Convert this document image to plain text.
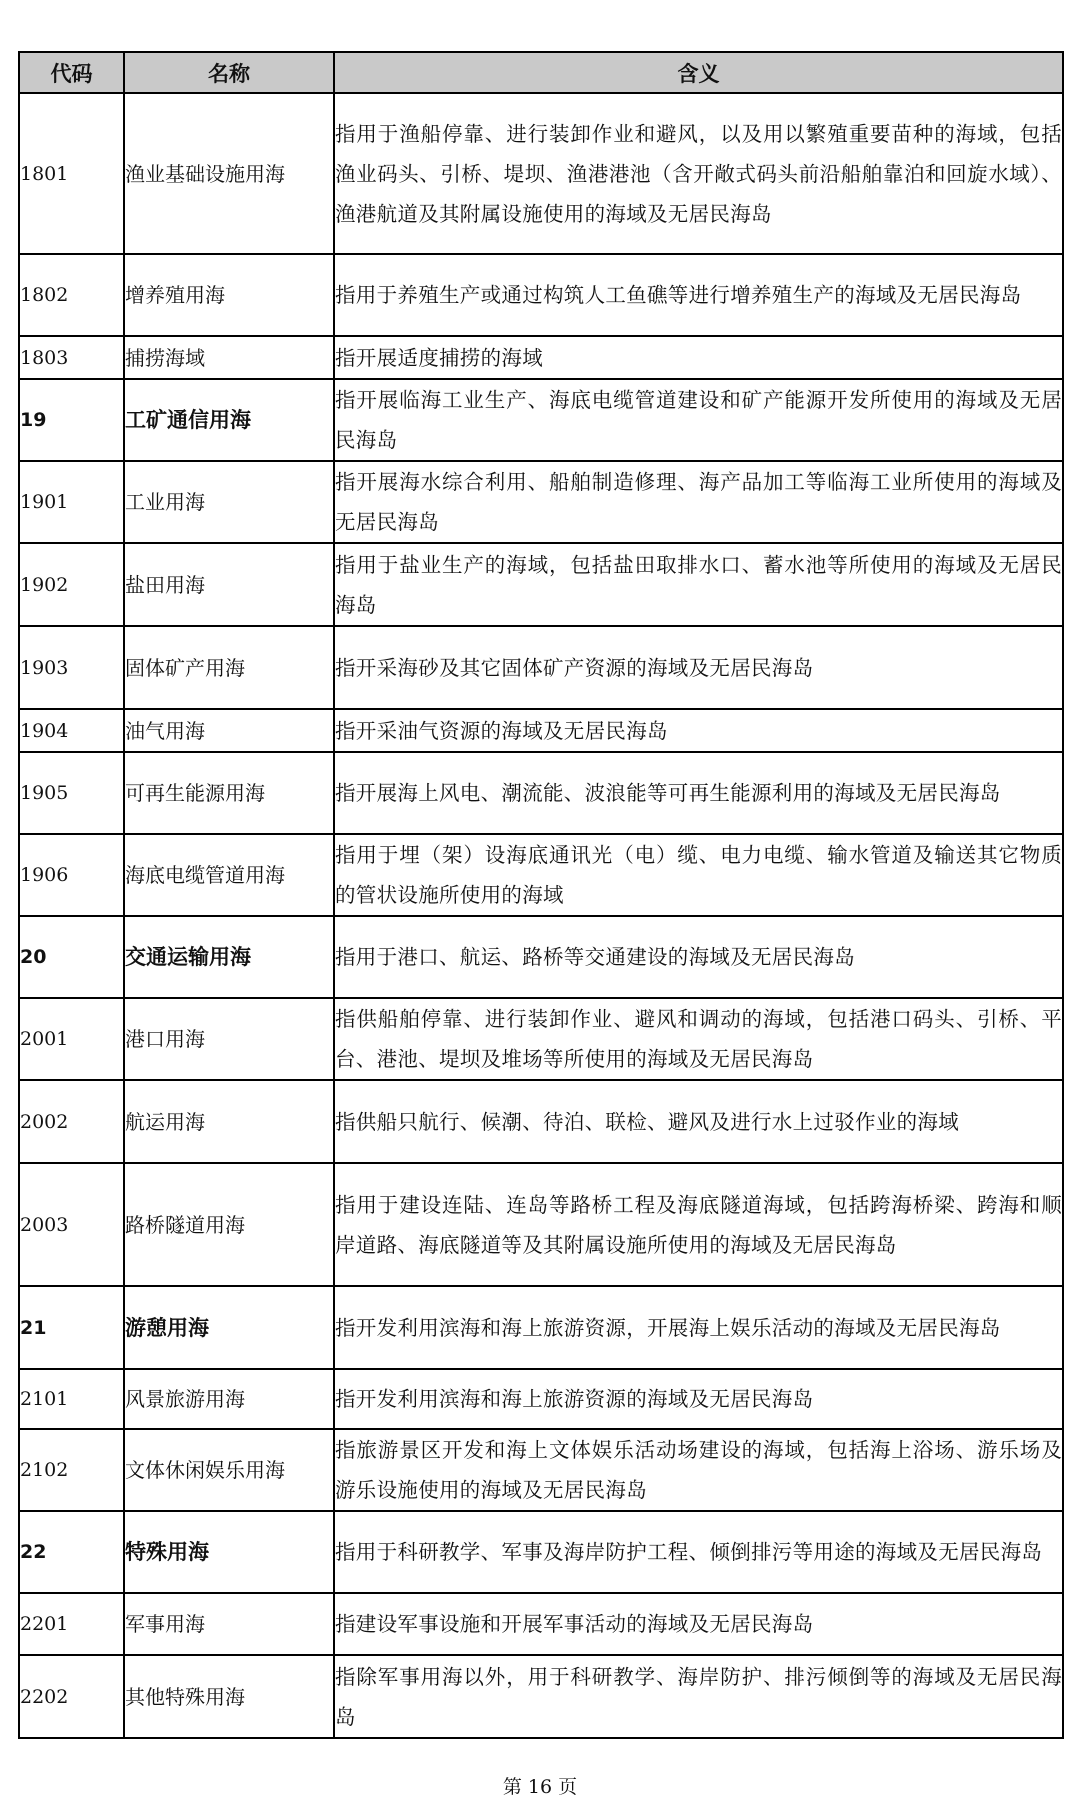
代码	名称	含义
1801	渔业基础设施用海	指用于渔船停靠、进行装卸作业和避风，以及用以繁殖重要苗种的海域，包括渔业码头、引桥、堤坝、渔港港池（含开敞式码头前沿船舶靠泊和回旋水域）、渔港航道及其附属设施使用的海域及无居民海岛
1802	增养殖用海	指用于养殖生产或通过构筑人工鱼礁等进行增养殖生产的海域及无居民海岛
1803	捕捞海域	指开展适度捕捞的海域
19	工矿通信用海	指开展临海工业生产、海底电缆管道建设和矿产能源开发所使用的海域及无居民海岛
1901	工业用海	指开展海水综合利用、船舶制造修理、海产品加工等临海工业所使用的海域及无居民海岛
1902	盐田用海	指用于盐业生产的海域，包括盐田取排水口、蓄水池等所使用的海域及无居民海岛
1903	固体矿产用海	指开采海砂及其它固体矿产资源的海域及无居民海岛
1904	油气用海	指开采油气资源的海域及无居民海岛
1905	可再生能源用海	指开展海上风电、潮流能、波浪能等可再生能源利用的海域及无居民海岛
1906	海底电缆管道用海	指用于埋（架）设海底通讯光（电）缆、电力电缆、输水管道及输送其它物质的管状设施所使用的海域
20	交通运输用海	指用于港口、航运、路桥等交通建设的海域及无居民海岛
2001	港口用海	指供船舶停靠、进行装卸作业、避风和调动的海域，包括港口码头、引桥、平台、港池、堤坝及堆场等所使用的海域及无居民海岛
2002	航运用海	指供船只航行、候潮、待泊、联检、避风及进行水上过驳作业的海域
2003	路桥隧道用海	指用于建设连陆、连岛等路桥工程及海底隧道海域，包括跨海桥梁、跨海和顺岸道路、海底隧道等及其附属设施所使用的海域及无居民海岛
21	游憩用海	指开发利用滨海和海上旅游资源，开展海上娱乐活动的海域及无居民海岛
2101	风景旅游用海	指开发利用滨海和海上旅游资源的海域及无居民海岛
2102	文体休闲娱乐用海	指旅游景区开发和海上文体娱乐活动场建设的海域，包括海上浴场、游乐场及游乐设施使用的海域及无居民海岛
22	特殊用海	指用于科研教学、军事及海岸防护工程、倾倒排污等用途的海域及无居民海岛
2201	军事用海	指建设军事设施和开展军事活动的海域及无居民海岛
2202	其他特殊用海	指除军事用海以外，用于科研教学、海岸防护、排污倾倒等的海域及无居民海岛
第 16 页
